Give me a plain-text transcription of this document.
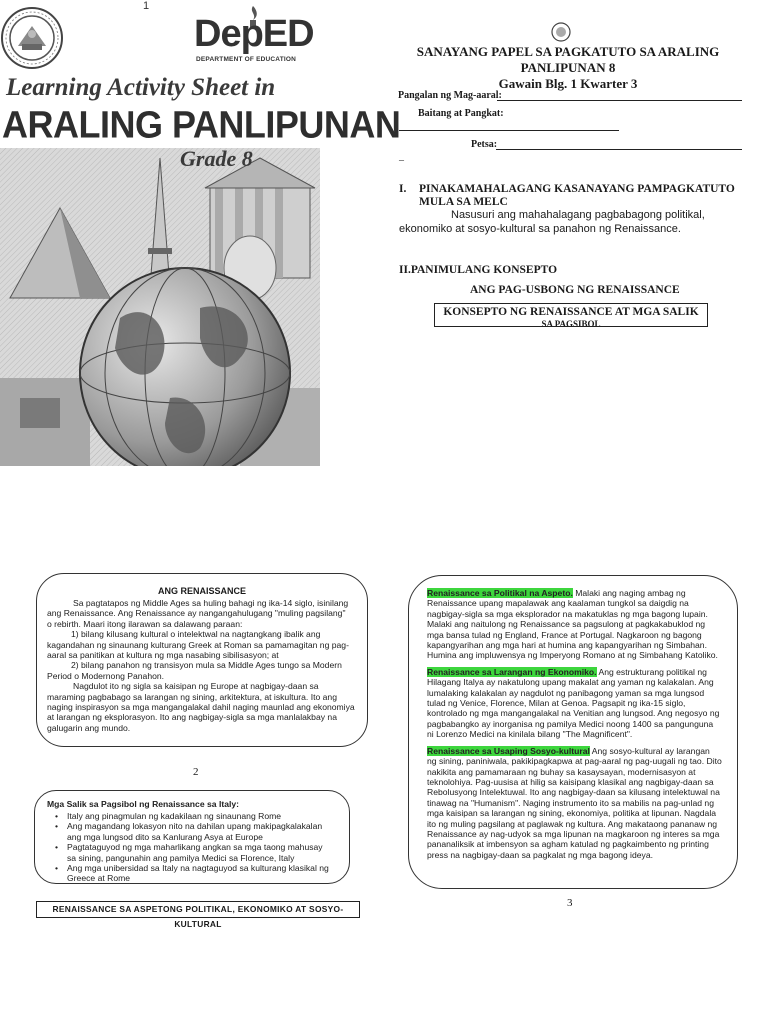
1
DepED
DEPARTMENT OF EDUCATION
Learning Activity Sheet in
ARALING PANLIPUNAN
Grade 8
SANAYANG PAPEL SA PAGKATUTO SA ARALING
PANLIPUNAN 8
Gawain Blg. 1 Kwarter 3
Pangalan ng Mag-aaral:
Baitang at Pangkat:
Petsa:
–
I. PINAKAMAHALAGANG KASANAYANG PAMPAGKATUTO
MULA SA MELC
Nasusuri ang mahahalagang pagbabagong politikal,
ekonomiko at sosyo-kultural sa panahon ng Renaissance.
II.PANIMULANG KONSEPTO
ANG PAG-USBONG NG RENAISSANCE
KONSEPTO NG RENAISSANCE AT MGA SALIK
SA PAGSIBOL
ANG RENAISSANCE
Sa pagtatapos ng Middle Ages sa huling bahagi ng ika-14 siglo, isinilang
ang Renaissance. Ang Renaissance ay nangangahulugang "muling pagsilang"
o rebirth. Maari itong ilarawan sa dalawang paraan:
1) bilang kilusang kultural o intelektwal na nagtangkang ibalik ang
kagandahan ng sinaunang kulturang Greek at Roman sa pamamagitan ng pag-
aaral sa panitikan at kultura ng mga nasabing sibilisasyon; at
2) bilang panahon ng transisyon mula sa Middle Ages tungo sa Modern
Period o Modernong Panahon.
Nagdulot ito ng sigla sa kaisipan ng Europe at nagbigay-daan sa
maraming pagbabago sa larangan ng sining, arkitektura, at iskultura. Ito ang
naging inspirasyon sa mga mangangalakal dahil naging maunlad ang ekonomiya
at larangan ng eksplorasyon. Ito ang nagbigay-sigla sa mga manlalakbay na
galugarin ang mundo.
2
Mga Salik sa Pagsibol ng Renaissance sa Italy:
•	Italy ang pinagmulan ng kadakilaan ng sinaunang Rome
•	Ang magandang lokasyon nito na dahilan upang makipagkalakalan ang mga lungsod dito sa Kanlurang Asya at Europe
•	Pagtataguyod ng mga maharlikang angkan sa mga taong mahusay sa sining, pangunahin ang pamilya Medici sa Florence, Italy
•	Ang mga unibersidad sa Italy na nagtaguyod sa kulturang klasikal ng Greece at Rome
RENAISSANCE SA ASPETONG POLITIKAL, EKONOMIKO AT SOSYO-KULTURAL
Renaissance sa Politikal na Aspeto. Malaki ang naging ambag ng
Renaissance upang mapalawak ang kaalaman tungkol sa daigdig na
nagbigay-sigla sa mga eksplorador na makatuklas ng mga bagong lupain.
Malaki ang naitulong ng Renaissance sa pagsulong at pagkakabuklod ng
mga bansa tulad ng England, France at Portugal. Nagkaroon ng bagong
kapangyarihan ang mga hari at humina ang kapangyarihan ng Simbahan.
Humina ang impluwensya ng Imperyong Romano at ng Simbahang Katoliko.
Renaissance sa Larangan ng Ekonomiko. Ang estrukturang politikal ng
Hilagang Italya ay nakatulong upang makalat ang yaman ng kalakalan. Ang
lumalaking kalakalan ay nagdulot ng panibagong yaman sa mga lungsod
tulad ng Venice, Florence, Milan at Genoa. Pagsapit ng ika-15 siglo,
kontrolado ng mga mangangalakal na Venitian ang lungsod. Ang negosyo ng
pagbabangko ay inorganisa ng pamilya Medici noong 1400 sa pangunguna
ni Lorenzo Medici na kinilala bilang "The Magnificent".
Renaissance sa Usaping Sosyo-kultural Ang sosyo-kultural ay larangan
ng sining, paniniwala, pakikipagkapwa at pag-aaral ng pag-uugali ng tao. Dito
nakikita ang pamamaraan ng buhay sa kasaysayan, modernisasyon at
teknolohiya. Pag-uusisa at hilig sa kaisipang klasikal ang nagbigay-daan sa
Rebolusyong Intelektuwal. Ito ang nagbigay-daan sa kilusang intelektuwal na
tinawag na "Humanism". Naging instrumento ito sa mabilis na pag-unlad ng
mga kaisipan sa larangan ng sining, ekonomiya, politika at lipunan. Nagdala
ito ng muling pagsilang at paglawak ng kultura. Ang makataong pananaw ng
Renaissance ay nag-udyok sa mga lipunan na magkaroon ng interes sa mga
pananaliksik at imbensyon sa agham katulad ng pagkaimbento ng printing
press na nagbigay-daan sa pagkalat ng mga bagong ideya.
3
